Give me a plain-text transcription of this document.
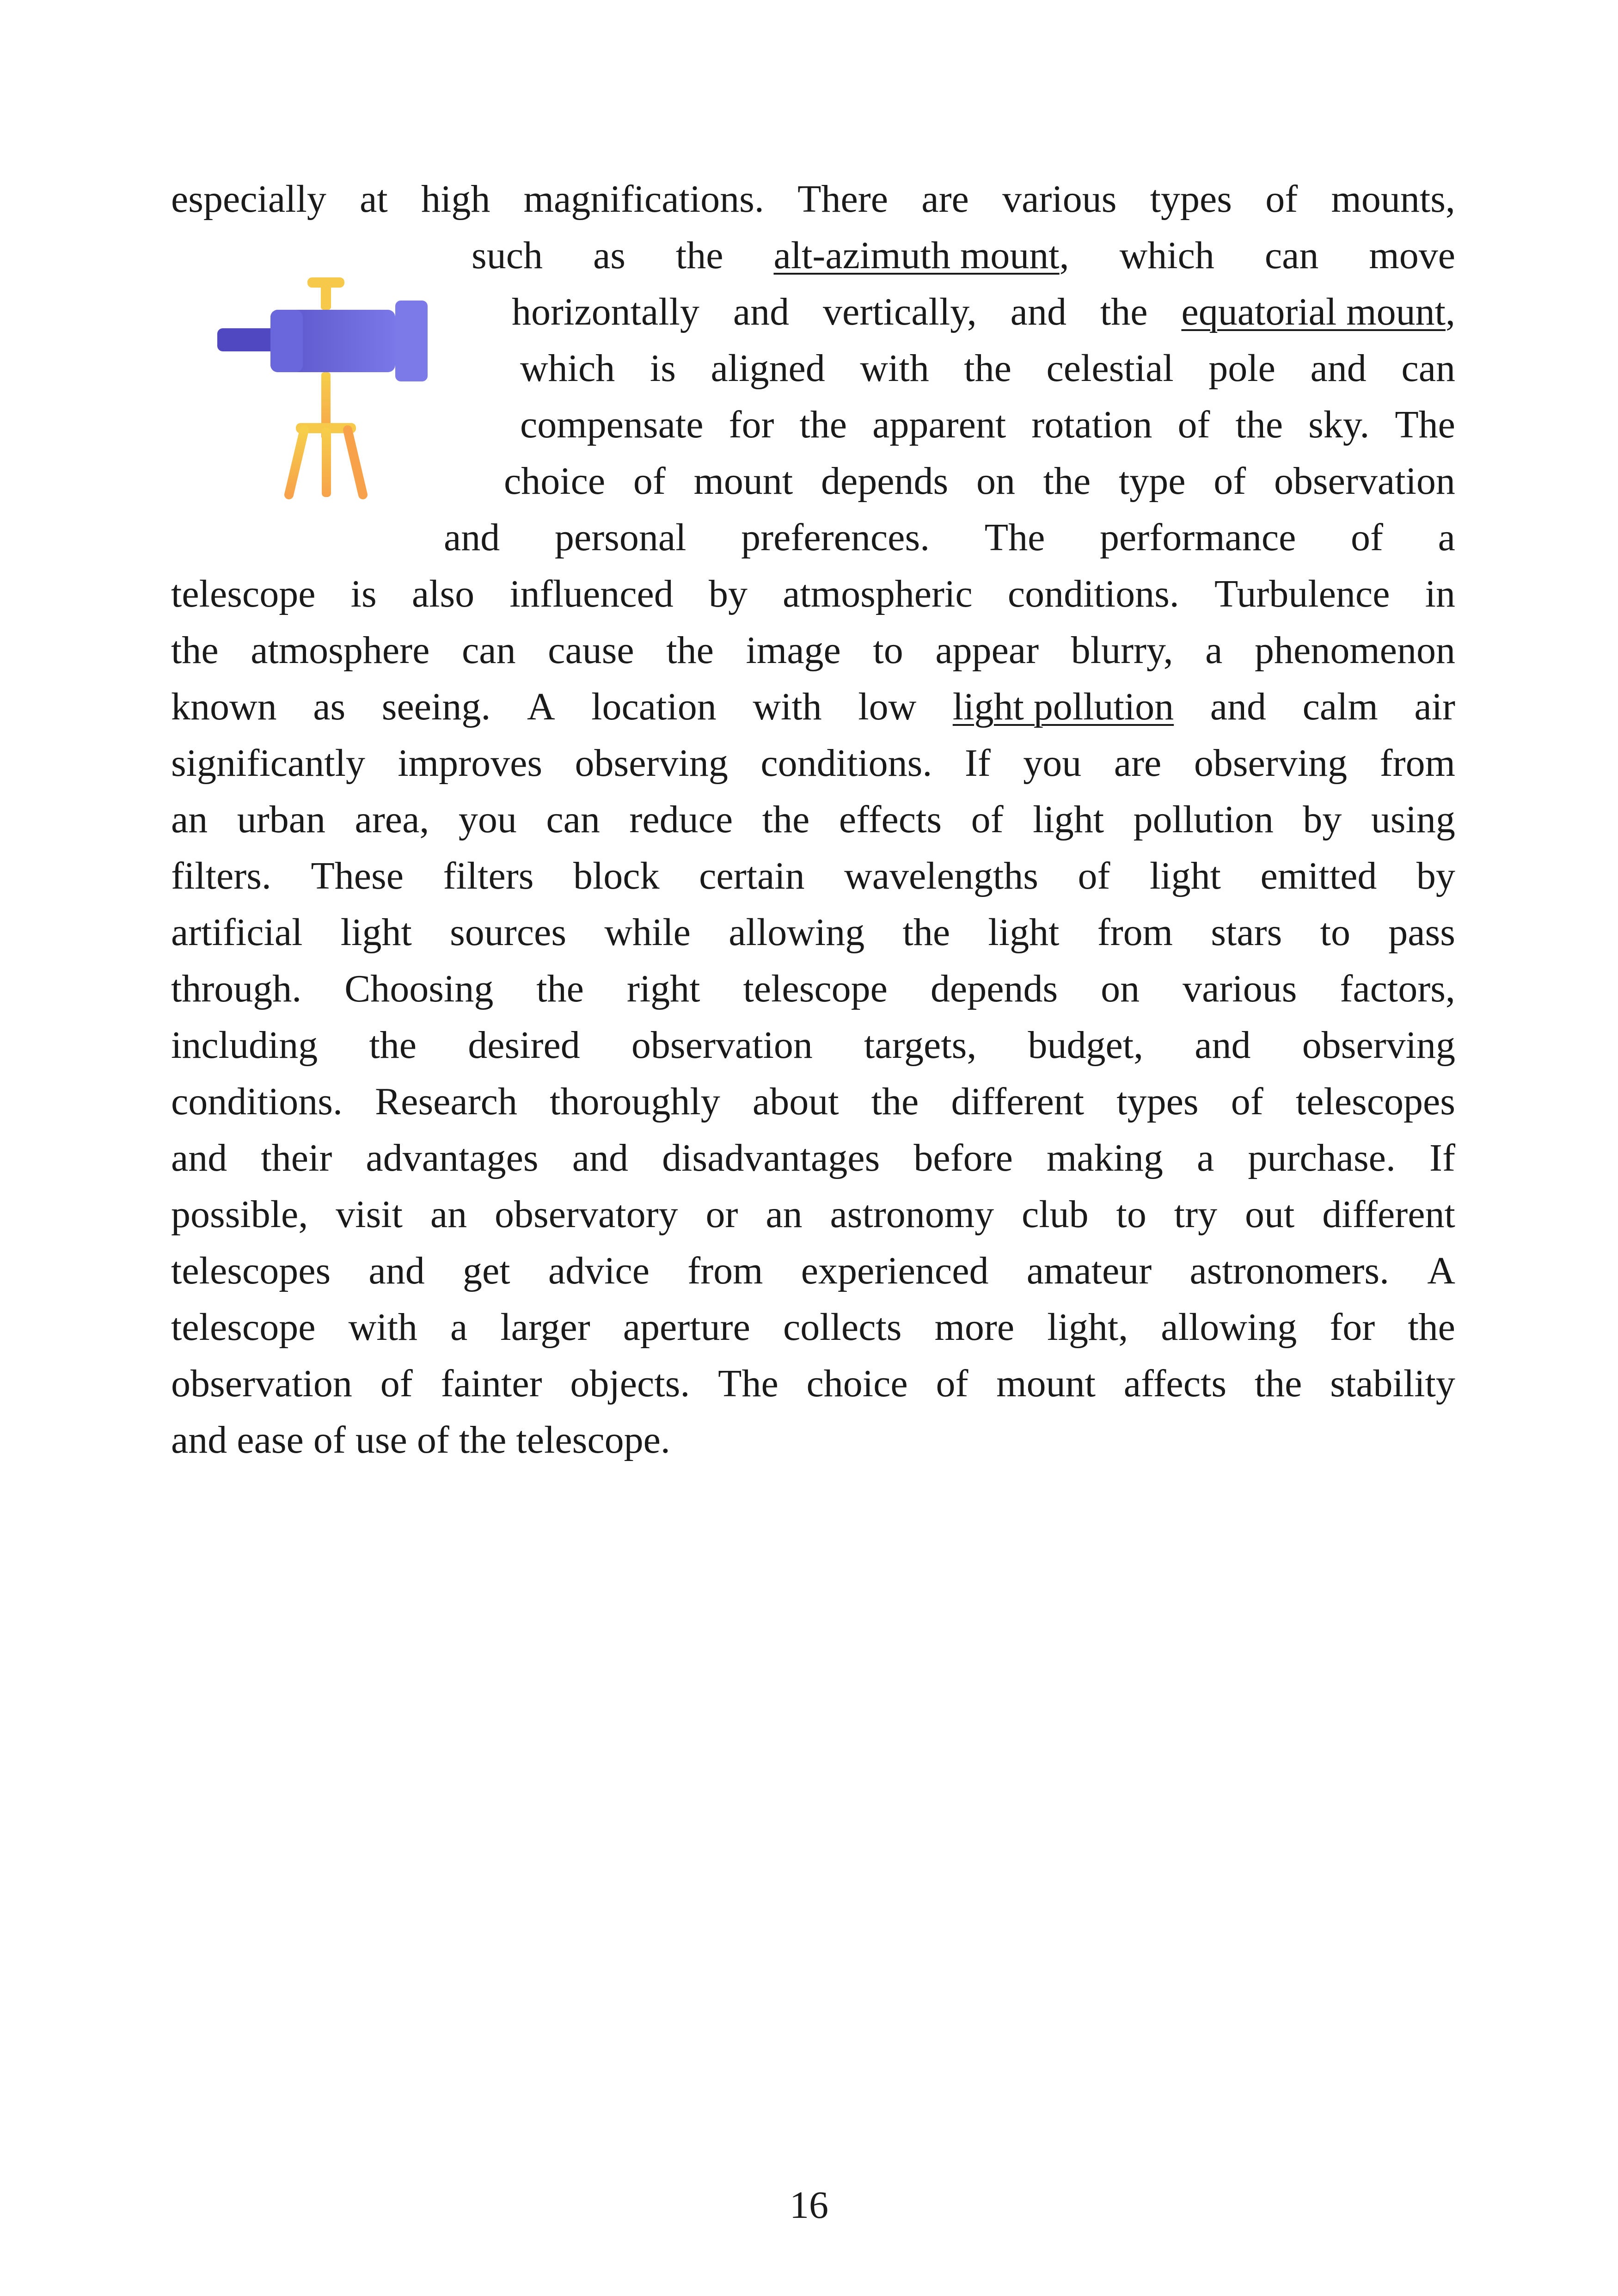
especially at high magnifications. There are various types of mounts,
such as the alt-azimuth mount, which can move
horizontally and vertically, and the equatorial mount,
which is aligned with the celestial pole and can
compensate for the apparent rotation of the sky. The
choice of mount depends on the type of observation
and personal preferences. The performance of a
telescope is also influenced by atmospheric conditions. Turbulence in
the atmosphere can cause the image to appear blurry, a phenomenon
known as seeing. A location with low light pollution and calm air
significantly improves observing conditions. If you are observing from
an urban area, you can reduce the effects of light pollution by using
filters. These filters block certain wavelengths of light emitted by
artificial light sources while allowing the light from stars to pass
through. Choosing the right telescope depends on various factors,
including the desired observation targets, budget, and observing
conditions. Research thoroughly about the different types of telescopes
and their advantages and disadvantages before making a purchase. If
possible, visit an observatory or an astronomy club to try out different
telescopes and get advice from experienced amateur astronomers. A
telescope with a larger aperture collects more light, allowing for the
observation of fainter objects. The choice of mount affects the stability
and ease of use of the telescope.
16
